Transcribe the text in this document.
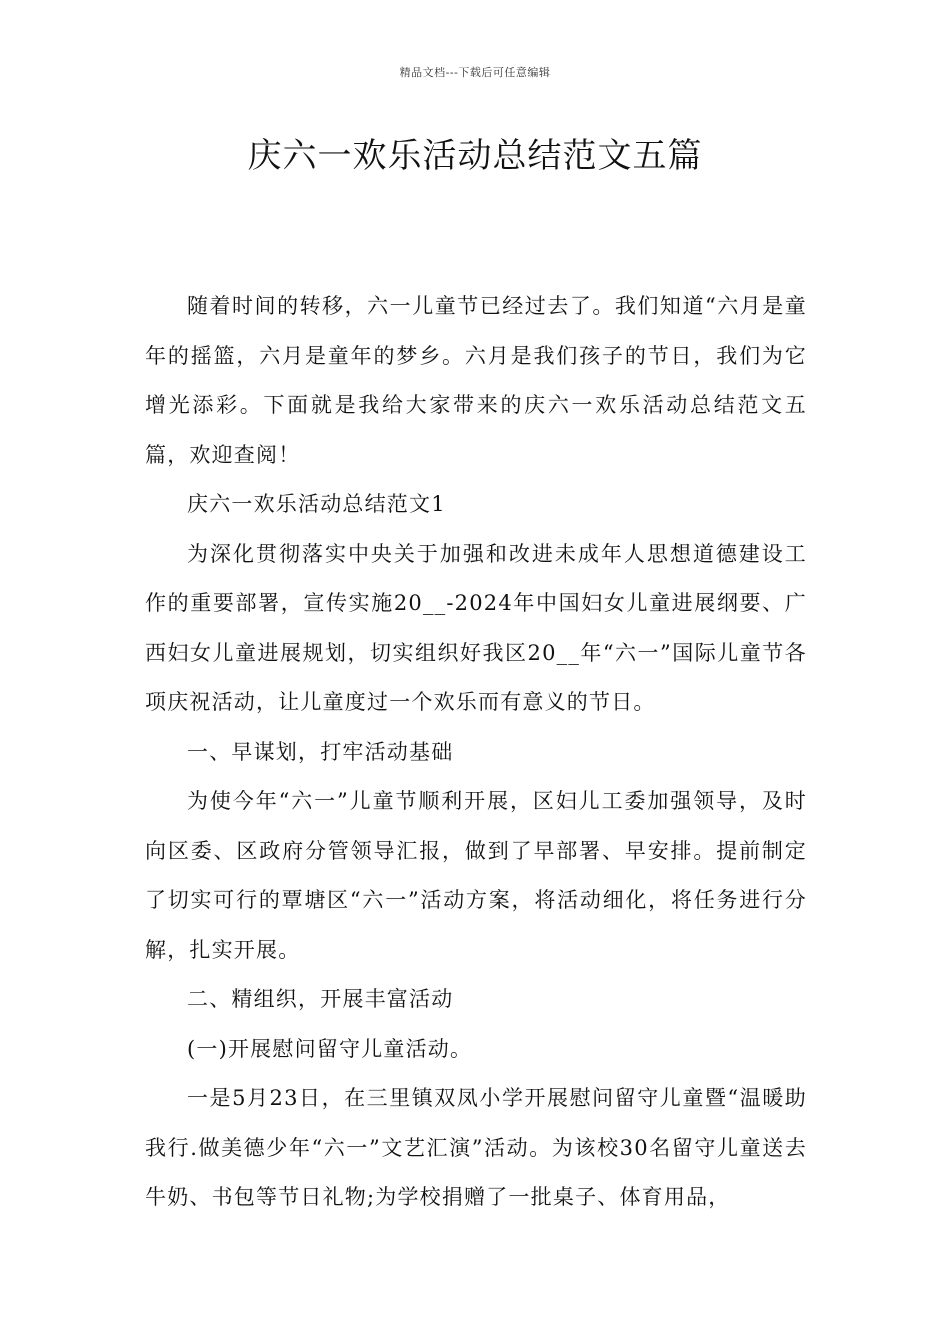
精品文档---下载后可任意编辑
庆六一欢乐活动总结范文五篇

随着时间的转移，六一儿童节已经过去了。我们知道“六月是童年的摇篮，六月是童年的梦乡。六月是我们孩子的节日，我们为它增光添彩。下面就是我给大家带来的庆六一欢乐活动总结范文五篇，欢迎查阅！

庆六一欢乐活动总结范文1

为深化贯彻落实中央关于加强和改进未成年人思想道德建设工作的重要部署，宣传实施20__-2024年中国妇女儿童进展纲要、广西妇女儿童进展规划，切实组织好我区20__年“六一”国际儿童节各项庆祝活动，让儿童度过一个欢乐而有意义的节日。

一、早谋划，打牢活动基础

为使今年“六一”儿童节顺利开展，区妇儿工委加强领导，及时向区委、区政府分管领导汇报，做到了早部署、早安排。提前制定了切实可行的覃塘区“六一”活动方案，将活动细化，将任务进行分解，扎实开展。

二、精组织，开展丰富活动

(一)开展慰问留守儿童活动。

一是5月23日，在三里镇双凤小学开展慰问留守儿童暨“温暖助我行.做美德少年“六一”文艺汇演”活动。为该校30名留守儿童送去牛奶、书包等节日礼物;为学校捐赠了一批桌子、体育用品，
